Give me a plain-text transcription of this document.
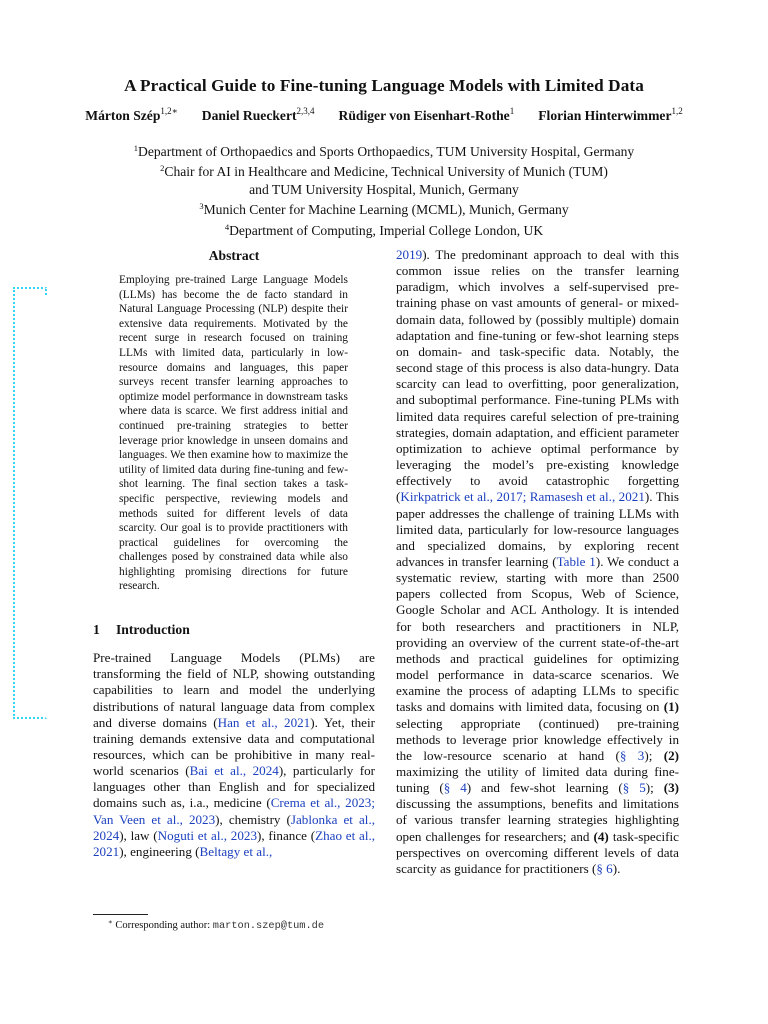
A Practical Guide to Fine-tuning Language Models with Limited Data
Márton Szép$^{1,2∗}$	Daniel Rueckert$^{2,3,4}$	Rüdiger von Eisenhart-Rothe$^1$	Florian Hinterwimmer$^{1,2}$
$^1$Department of Orthopaedics and Sports Orthopaedics, TUM University Hospital, Germany
$^2$Chair for AI in Healthcare and Medicine, Technical University of Munich (TUM)
and TUM University Hospital, Munich, Germany
$^3$Munich Center for Machine Learning (MCML), Munich, Germany
$^4$Department of Computing, Imperial College London, UK
Abstract

Employing pre-trained Large Language Models (LLMs) has become the de facto standard in Natural Language Processing (NLP) despite their extensive data requirements. Motivated by the recent surge in research focused on training LLMs with limited data, particularly in low-resource domains and languages, this paper surveys recent transfer learning approaches to optimize model performance in downstream tasks where data is scarce. We first address initial and continued pre-training strategies to better leverage prior knowledge in unseen domains and languages. We then examine how to maximize the utility of limited data during fine-tuning and few-shot learning. The final section takes a task-specific perspective, reviewing models and methods suited for different levels of data scarcity. Our goal is to provide practitioners with practical guidelines for overcoming the challenges posed by constrained data while also highlighting promising directions for future research.

1 Introduction

Pre-trained Language Models (PLMs) are transforming the field of NLP, showing outstanding capabilities to learn and model the underlying distributions of natural language data from complex and diverse domains (Han et al., 2021). Yet, their training demands extensive data and computational resources, which can be prohibitive in many real-world scenarios (Bai et al., 2024), particularly for languages other than English and for specialized domains such as, i.a., medicine (Crema et al., 2023; Van Veen et al., 2023), chemistry (Jablonka et al., 2024), law (Noguti et al., 2023), finance (Zhao et al., 2021), engineering (Beltagy et al.,

2019). The predominant approach to deal with this common issue relies on the transfer learning paradigm, which involves a self-supervised pre-training phase on vast amounts of general- or mixed-domain data, followed by (possibly multiple) domain adaptation and fine-tuning or few-shot learning steps on domain- and task-specific data. Notably, the second stage of this process is also data-hungry. Data scarcity can lead to overfitting, poor generalization, and suboptimal performance. Fine-tuning PLMs with limited data requires careful selection of pre-training strategies, domain adaptation, and efficient parameter optimization to achieve optimal performance by leveraging the model’s pre-existing knowledge effectively to avoid catastrophic forgetting (Kirkpatrick et al., 2017; Ramasesh et al., 2021). This paper addresses the challenge of training LLMs with limited data, particularly for low-resource languages and specialized domains, by exploring recent advances in transfer learning (Table 1). We conduct a systematic review, starting with more than 2500 papers collected from Scopus, Web of Science, Google Scholar and ACL Anthology. It is intended for both researchers and practitioners in NLP, providing an overview of the current state-of-the-art methods and practical guidelines for optimizing model performance in data-scarce scenarios. We examine the process of adapting LLMs to specific tasks and domains with limited data, focusing on (1) selecting appropriate (continued) pre-training methods to leverage prior knowledge effectively in the low-resource scenario at hand (§ 3); (2) maximizing the utility of limited data during fine-tuning (§ 4) and few-shot learning (§ 5); (3) discussing the assumptions, benefits and limitations of various transfer learning strategies highlighting open challenges for researchers; and (4) task-specific perspectives on overcoming different levels of data scarcity as guidance for practitioners (§ 6).

∗ Corresponding author: marton.szep@tum.de
